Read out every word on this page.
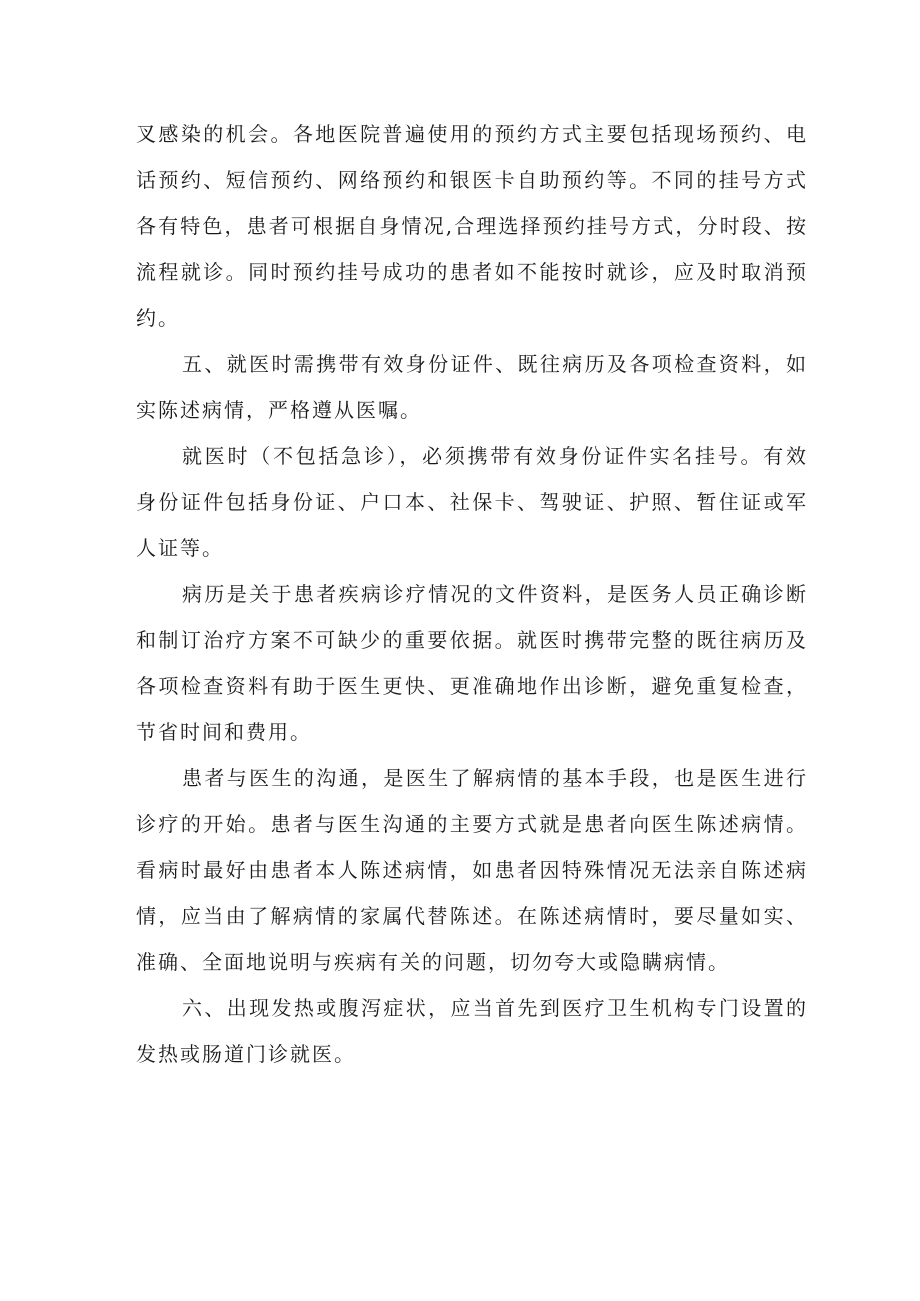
叉感染的机会。各地医院普遍使用的预约方式主要包括现场预约、电话预约、短信预约、网络预约和银医卡自助预约等。不同的挂号方式各有特色，患者可根据自身情况,合理选择预约挂号方式，分时段、按流程就诊。同时预约挂号成功的患者如不能按时就诊，应及时取消预约。

五、就医时需携带有效身份证件、既往病历及各项检查资料，如实陈述病情，严格遵从医嘱。

就医时（不包括急诊），必须携带有效身份证件实名挂号。有效身份证件包括身份证、户口本、社保卡、驾驶证、护照、暂住证或军人证等。

病历是关于患者疾病诊疗情况的文件资料，是医务人员正确诊断和制订治疗方案不可缺少的重要依据。就医时携带完整的既往病历及各项检查资料有助于医生更快、更准确地作出诊断，避免重复检查，节省时间和费用。

患者与医生的沟通，是医生了解病情的基本手段，也是医生进行诊疗的开始。患者与医生沟通的主要方式就是患者向医生陈述病情。看病时最好由患者本人陈述病情，如患者因特殊情况无法亲自陈述病情，应当由了解病情的家属代替陈述。在陈述病情时，要尽量如实、准确、全面地说明与疾病有关的问题，切勿夸大或隐瞒病情。

六、出现发热或腹泻症状，应当首先到医疗卫生机构专门设置的发热或肠道门诊就医。
